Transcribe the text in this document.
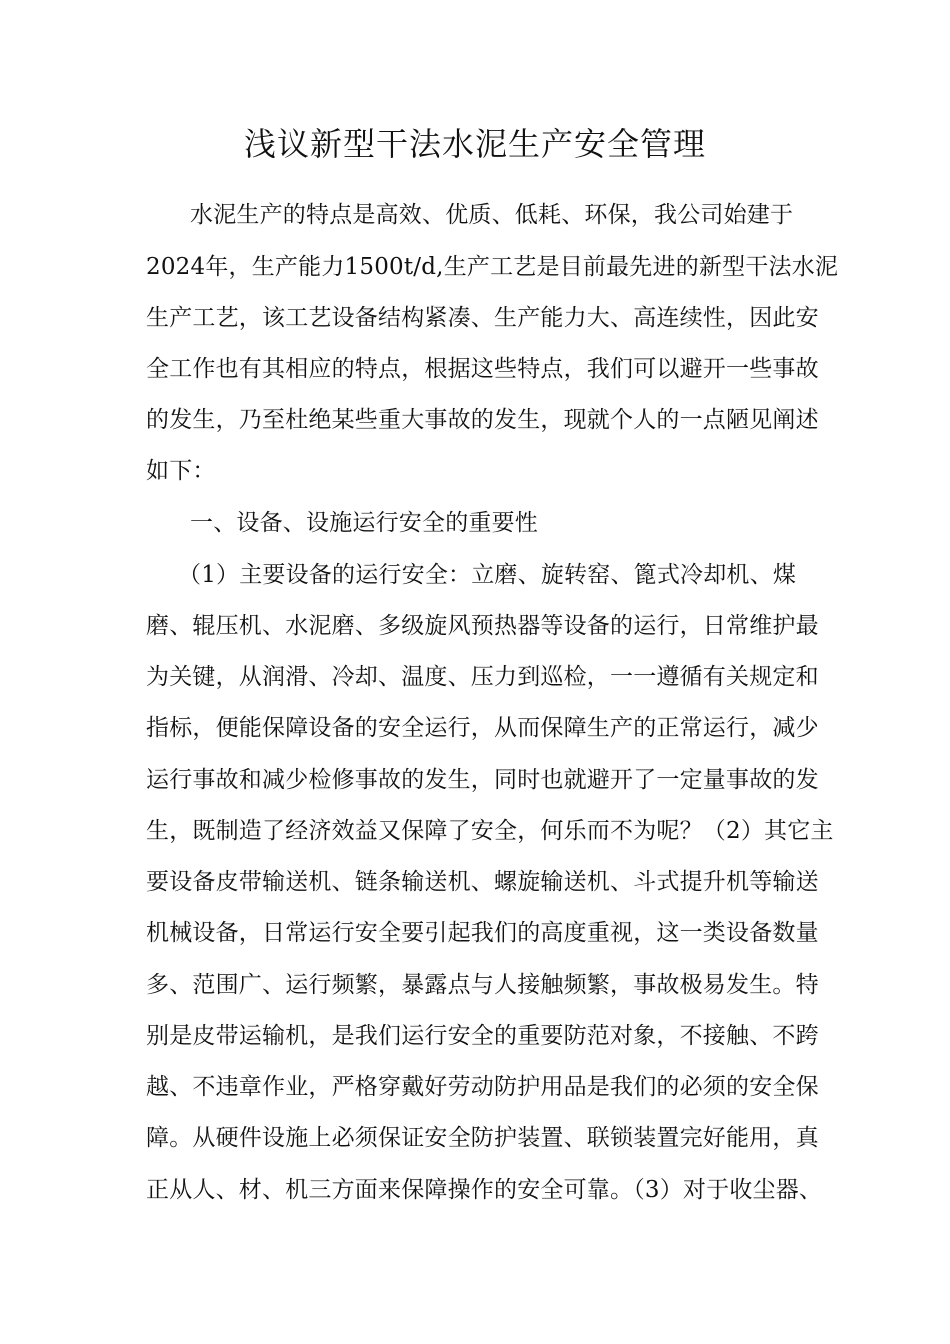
浅议新型干法水泥生产安全管理
水泥生产的特点是高效、优质、低耗、环保，我公司始建于
2024年，生产能力1500t/d,生产工艺是目前最先进的新型干法水泥
生产工艺，该工艺设备结构紧凑、生产能力大、高连续性，因此安
全工作也有其相应的特点，根据这些特点，我们可以避开一些事故
的发生，乃至杜绝某些重大事故的发生，现就个人的一点陋见阐述
如下：
一、设备、设施运行安全的重要性
（1）主要设备的运行安全：立磨、旋转窑、篦式冷却机、煤
磨、辊压机、水泥磨、多级旋风预热器等设备的运行，日常维护最
为关键，从润滑、冷却、温度、压力到巡检，一一遵循有关规定和
指标，便能保障设备的安全运行，从而保障生产的正常运行，减少
运行事故和减少检修事故的发生，同时也就避开了一定量事故的发
生，既制造了经济效益又保障了安全，何乐而不为呢？（2）其它主
要设备皮带输送机、链条输送机、螺旋输送机、斗式提升机等输送
机械设备，日常运行安全要引起我们的高度重视，这一类设备数量
多、范围广、运行频繁，暴露点与人接触频繁，事故极易发生。特
别是皮带运输机，是我们运行安全的重要防范对象，不接触、不跨
越、不违章作业，严格穿戴好劳动防护用品是我们的必须的安全保
障。从硬件设施上必须保证安全防护装置、联锁装置完好能用，真
正从人、材、机三方面来保障操作的安全可靠。（3）对于收尘器、
